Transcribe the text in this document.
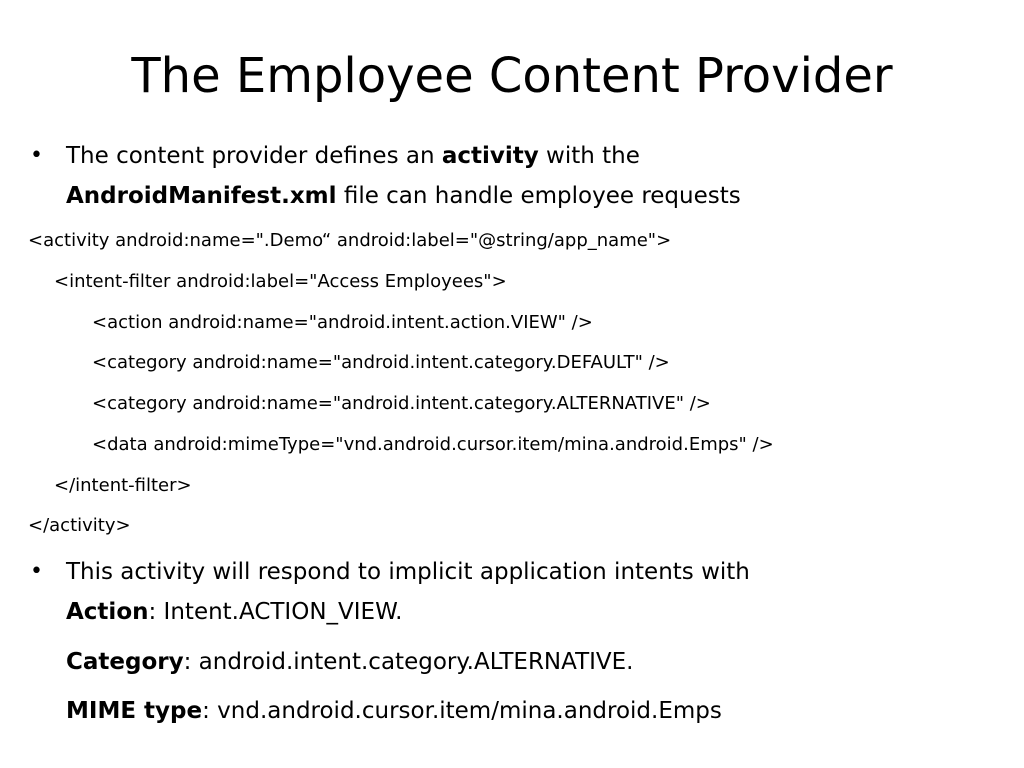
The Employee Content Provider
• The content provider defines an activity with the
AndroidManifest.xml file can handle employee requests
<activity android:name=".Demo“ android:label="@string/app_name">
<intent-filter android:label="Access Employees">
<action android:name="android.intent.action.VIEW" />
<category android:name="android.intent.category.DEFAULT" />
<category android:name="android.intent.category.ALTERNATIVE" />
<data android:mimeType="vnd.android.cursor.item/mina.android.Emps" />
</intent-filter>
</activity>
• This activity will respond to implicit application intents with
Action: Intent.ACTION_VIEW.
Category: android.intent.category.ALTERNATIVE.
MIME type: vnd.android.cursor.item/mina.android.Emps
